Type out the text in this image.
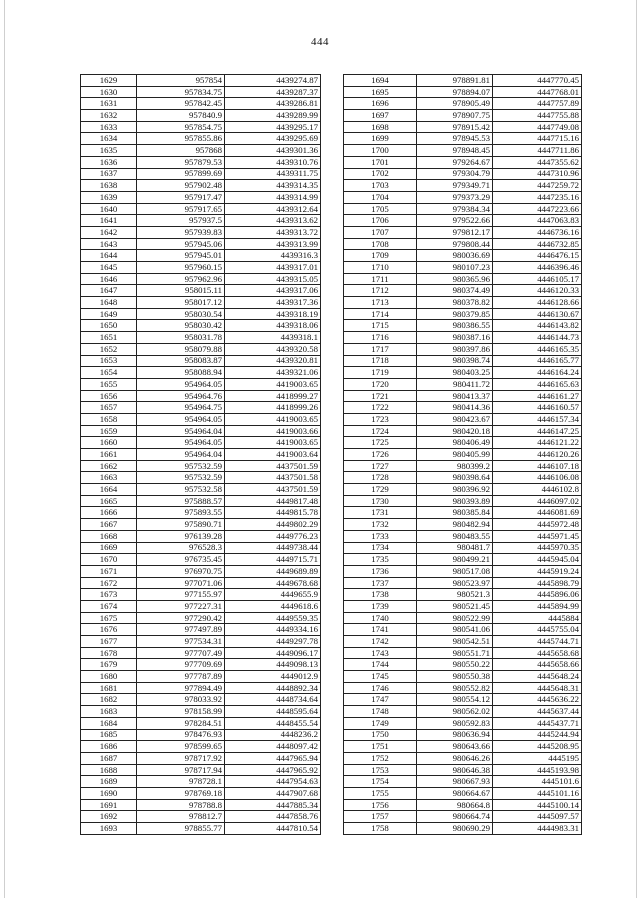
444
1629	957854	4439274.87
1630	957834.75	4439287.37
1631	957842.45	4439286.81
1632	957840.9	4439289.99
1633	957854.75	4439295.17
1634	957855.86	4439295.69
1635	957868	4439301.36
1636	957879.53	4439310.76
1637	957899.69	4439311.75
1638	957902.48	4439314.35
1639	957917.47	4439314.99
1640	957917.65	4439312.64
1641	957937.5	4439313.62
1642	957939.83	4439313.72
1643	957945.06	4439313.99
1644	957945.01	4439316.3
1645	957960.15	4439317.01
1646	957962.96	4439315.05
1647	958015.11	4439317.06
1648	958017.12	4439317.36
1649	958030.54	4439318.19
1650	958030.42	4439318.06
1651	958031.78	4439318.1
1652	958079.88	4439320.58
1653	958083.87	4439320.81
1654	958088.94	4439321.06
1655	954964.05	4419003.65
1656	954964.76	4418999.27
1657	954964.75	4418999.26
1658	954964.05	4419003.65
1659	954964.04	4419003.66
1660	954964.05	4419003.65
1661	954964.04	4419003.64
1662	957532.59	4437501.59
1663	957532.59	4437501.58
1664	957532.58	4437501.59
1665	975888.57	4449817.48
1666	975893.55	4449815.78
1667	975890.71	4449802.29
1668	976139.28	4449776.23
1669	976528.3	4449738.44
1670	976735.45	4449715.71
1671	976970.75	4449689.89
1672	977071.06	4449678.68
1673	977155.97	4449655.9
1674	977227.31	4449618.6
1675	977290.42	4449559.35
1676	977497.89	4449334.16
1677	977534.31	4449297.78
1678	977707.49	4449096.17
1679	977709.69	4449098.13
1680	977787.89	4449012.9
1681	977894.49	4448892.34
1682	978033.92	4448734.64
1683	978158.99	4448595.64
1684	978284.51	4448455.54
1685	978476.93	4448236.2
1686	978599.65	4448097.42
1687	978717.92	4447965.94
1688	978717.94	4447965.92
1689	978728.1	4447954.63
1690	978769.18	4447907.68
1691	978788.8	4447885.34
1692	978812.7	4447858.76
1693	978855.77	4447810.54
1694	978891.81	4447770.45
1695	978894.07	4447768.01
1696	978905.49	4447757.89
1697	978907.75	4447755.88
1698	978915.42	4447749.08
1699	978945.53	4447715.16
1700	978948.45	4447711.86
1701	979264.67	4447355.62
1702	979304.79	4447310.96
1703	979349.71	4447259.72
1704	979373.29	4447235.16
1705	979384.34	4447223.66
1706	979522.66	4447063.83
1707	979812.17	4446736.16
1708	979808.44	4446732.85
1709	980036.69	4446476.15
1710	980107.23	4446396.46
1711	980365.96	4446105.17
1712	980374.49	4446120.33
1713	980378.82	4446128.66
1714	980379.85	4446130.67
1715	980386.55	4446143.82
1716	980387.16	4446144.73
1717	980397.86	4446165.35
1718	980398.74	4446165.77
1719	980403.25	4446164.24
1720	980411.72	4446165.63
1721	980413.37	4446161.27
1722	980414.36	4446160.57
1723	980423.67	4446157.34
1724	980420.18	4446147.25
1725	980406.49	4446121.22
1726	980405.99	4446120.26
1727	980399.2	4446107.18
1728	980398.64	4446106.08
1729	980396.92	4446102.8
1730	980393.89	4446097.02
1731	980385.84	4446081.69
1732	980482.94	4445972.48
1733	980483.55	4445971.45
1734	980481.7	4445970.35
1735	980499.21	4445945.04
1736	980517.08	4445919.24
1737	980523.97	4445898.79
1738	980521.3	4445896.06
1739	980521.45	4445894.99
1740	980522.99	4445884
1741	980541.06	4445755.04
1742	980542.51	4445744.71
1743	980551.71	4445658.68
1744	980550.22	4445658.66
1745	980550.38	4445648.24
1746	980552.82	4445648.31
1747	980554.12	4445636.22
1748	980562.02	4445637.44
1749	980592.83	4445437.71
1750	980636.94	4445244.94
1751	980643.66	4445208.95
1752	980646.26	4445195
1753	980646.38	4445193.98
1754	980667.93	4445101.6
1755	980664.67	4445101.16
1756	980664.8	4445100.14
1757	980664.74	4445097.57
1758	980690.29	4444983.31
